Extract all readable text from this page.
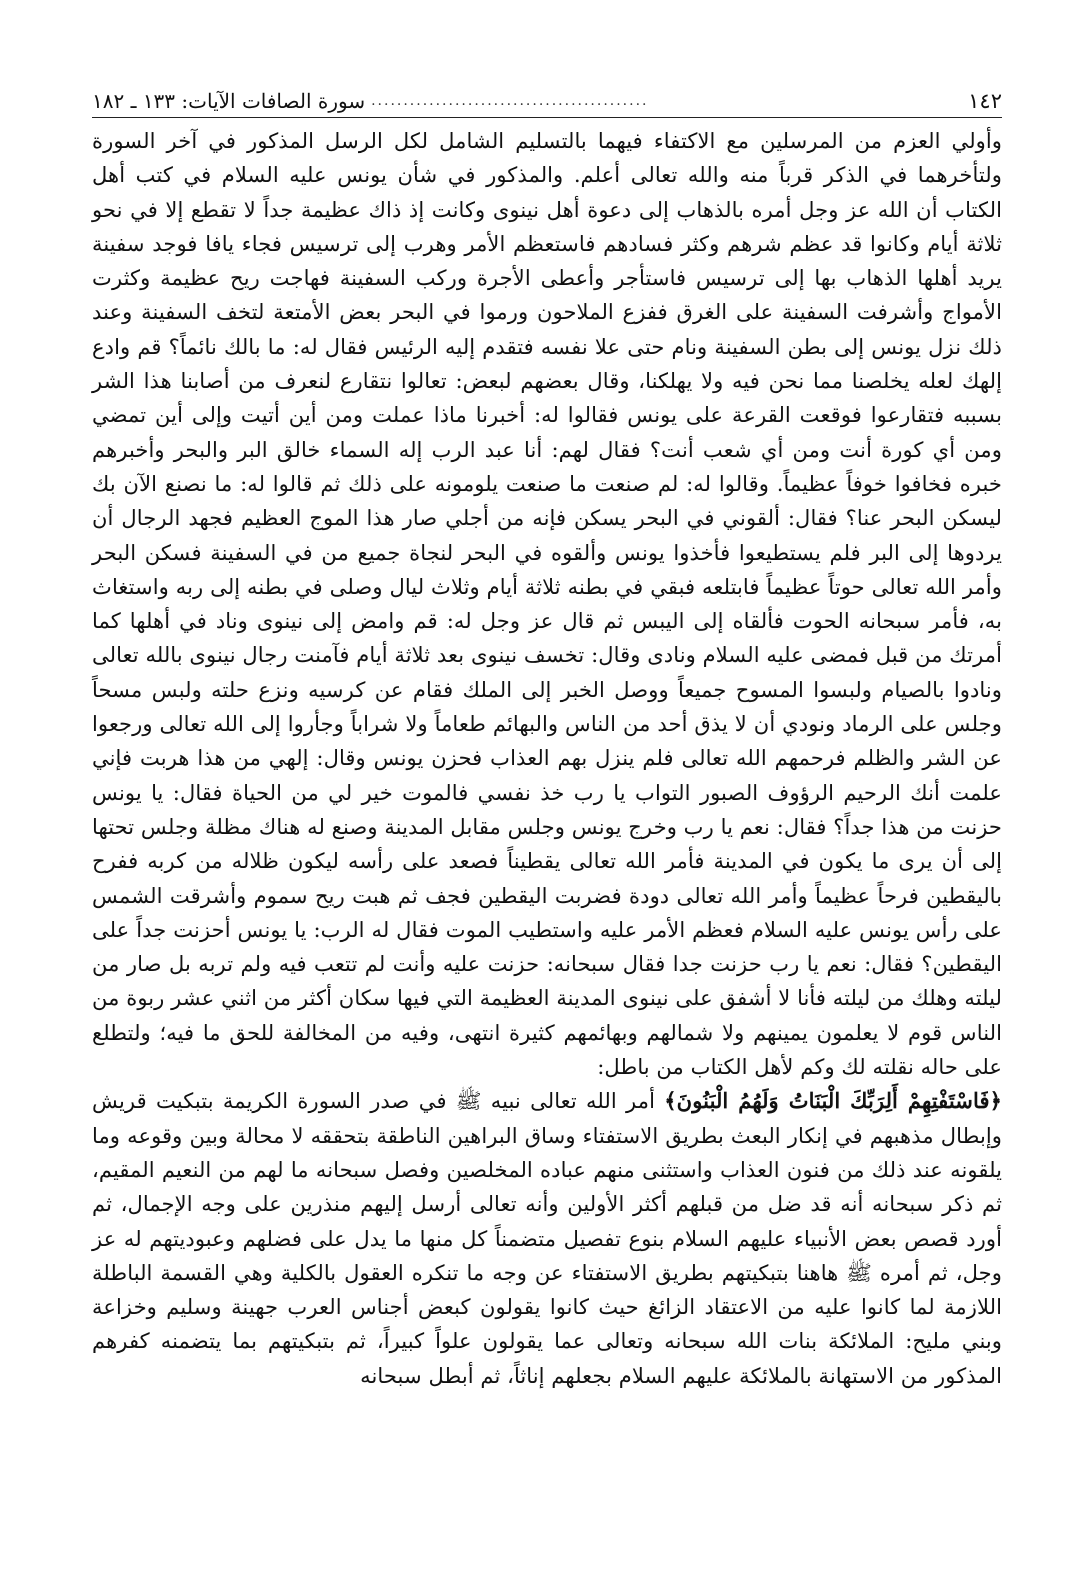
١٤٢
...........................................
سورة الصافات الآيات: ١٣٣ ـ ١٨٢

وأولي العزم من المرسلين مع الاكتفاء فيهما بالتسليم الشامل لكل الرسل المذكور في آخر السورة ولتأخرهما في الذكر قرباً منه والله تعالى أعلم. والمذكور في شأن يونس عليه السلام في كتب أهل الكتاب أن الله عز وجل أمره بالذهاب إلى دعوة أهل نينوى وكانت إذ ذاك عظيمة جداً لا تقطع إلا في نحو ثلاثة أيام وكانوا قد عظم شرهم وكثر فسادهم فاستعظم الأمر وهرب إلى ترسيس فجاء يافا فوجد سفينة يريد أهلها الذهاب بها إلى ترسيس فاستأجر وأعطى الأجرة وركب السفينة فهاجت ريح عظيمة وكثرت الأمواج وأشرفت السفينة على الغرق ففزع الملاحون ورموا في البحر بعض الأمتعة لتخف السفينة وعند ذلك نزل يونس إلى بطن السفينة ونام حتى علا نفسه فتقدم إليه الرئيس فقال له: ما بالك نائماً؟ قم وادع إلهك لعله يخلصنا مما نحن فيه ولا يهلكنا، وقال بعضهم لبعض: تعالوا نتقارع لنعرف من أصابنا هذا الشر بسببه فتقارعوا فوقعت القرعة على يونس فقالوا له: أخبرنا ماذا عملت ومن أين أتيت وإلى أين تمضي ومن أي كورة أنت ومن أي شعب أنت؟ فقال لهم: أنا عبد الرب إله السماء خالق البر والبحر وأخبرهم خبره فخافوا خوفاً عظيماً. وقالوا له: لم صنعت ما صنعت يلومونه على ذلك ثم قالوا له: ما نصنع الآن بك ليسكن البحر عنا؟ فقال: ألقوني في البحر يسكن فإنه من أجلي صار هذا الموج العظيم فجهد الرجال أن يردوها إلى البر فلم يستطيعوا فأخذوا يونس وألقوه في البحر لنجاة جميع من في السفينة فسكن البحر وأمر الله تعالى حوتاً عظيماً فابتلعه فبقي في بطنه ثلاثة أيام وثلاث ليال وصلى في بطنه إلى ربه واستغاث به، فأمر سبحانه الحوت فألقاه إلى اليبس ثم قال عز وجل له: قم وامض إلى نينوى وناد في أهلها كما أمرتك من قبل فمضى عليه السلام ونادى وقال: تخسف نينوى بعد ثلاثة أيام فآمنت رجال نينوى بالله تعالى ونادوا بالصيام ولبسوا المسوح جميعاً ووصل الخبر إلى الملك فقام عن كرسيه ونزع حلته ولبس مسحاً وجلس على الرماد ونودي أن لا يذق أحد من الناس والبهائم طعاماً ولا شراباً وجأروا إلى الله تعالى ورجعوا عن الشر والظلم فرحمهم الله تعالى فلم ينزل بهم العذاب فحزن يونس وقال: إلهي من هذا هربت فإني علمت أنك الرحيم الرؤوف الصبور التواب يا رب خذ نفسي فالموت خير لي من الحياة فقال: يا يونس حزنت من هذا جداً؟ فقال: نعم يا رب وخرج يونس وجلس مقابل المدينة وصنع له هناك مظلة وجلس تحتها إلى أن يرى ما يكون في المدينة فأمر الله تعالى يقطيناً فصعد على رأسه ليكون ظلاله من كربه ففرح باليقطين فرحاً عظيماً وأمر الله تعالى دودة فضربت اليقطين فجف ثم هبت ريح سموم وأشرقت الشمس على رأس يونس عليه السلام فعظم الأمر عليه واستطيب الموت فقال له الرب: يا يونس أحزنت جداً على اليقطين؟ فقال: نعم يا رب حزنت جدا فقال سبحانه: حزنت عليه وأنت لم تتعب فيه ولم تربه بل صار من ليلته وهلك من ليلته فأنا لا أشفق على نينوى المدينة العظيمة التي فيها سكان أكثر من اثني عشر ربوة من الناس قوم لا يعلمون يمينهم ولا شمالهم وبهائمهم كثيرة انتهى، وفيه من المخالفة للحق ما فيه؛ ولتطلع على حاله نقلته لك وكم لأهل الكتاب من باطل:

﴿فَاسْتَفْتِهِمْ أَلِرَبِّكَ الْبَنَاتُ وَلَهُمُ الْبَنُونَ﴾ أمر الله تعالى نبيه ﷺ في صدر السورة الكريمة بتبكيت قريش وإبطال مذهبهم في إنكار البعث بطريق الاستفتاء وساق البراهين الناطقة بتحققه لا محالة وبين وقوعه وما يلقونه عند ذلك من فنون العذاب واستثنى منهم عباده المخلصين وفصل سبحانه ما لهم من النعيم المقيم، ثم ذكر سبحانه أنه قد ضل من قبلهم أكثر الأولين وأنه تعالى أرسل إليهم منذرين على وجه الإجمال، ثم أورد قصص بعض الأنبياء عليهم السلام بنوع تفصيل متضمناً كل منها ما يدل على فضلهم وعبوديتهم له عز وجل، ثم أمره ﷺ هاهنا بتبكيتهم بطريق الاستفتاء عن وجه ما تنكره العقول بالكلية وهي القسمة الباطلة اللازمة لما كانوا عليه من الاعتقاد الزائغ حيث كانوا يقولون كبعض أجناس العرب جهينة وسليم وخزاعة وبني مليح: الملائكة بنات الله سبحانه وتعالى عما يقولون علواً كبيراً، ثم بتبكيتهم بما يتضمنه كفرهم المذكور من الاستهانة بالملائكة عليهم السلام بجعلهم إناثاً، ثم أبطل سبحانه
